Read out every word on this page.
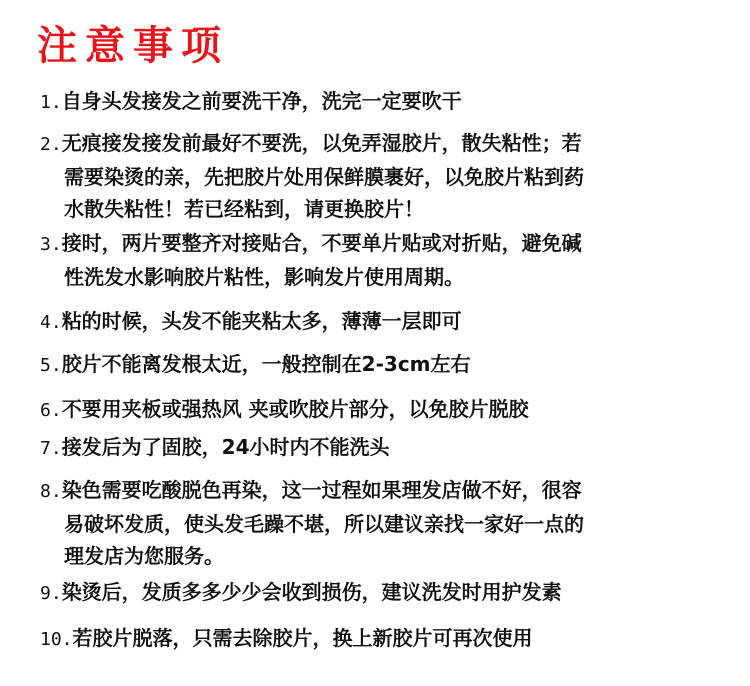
注意事项
1.自身头发接发之前要洗干净，洗完一定要吹干
2.无痕接发接发前最好不要洗，以免弄湿胶片，散失粘性；若
需要染烫的亲，先把胶片处用保鲜膜裹好，以免胶片粘到药
水散失粘性！若已经粘到，请更换胶片！
3.接时，两片要整齐对接贴合，不要单片贴或对折贴，避免碱
性洗发水影响胶片粘性，影响发片使用周期。
4.粘的时候，头发不能夹粘太多，薄薄一层即可
5.胶片不能离发根太近，一般控制在2-3cm左右
6.不要用夹板或强热风 夹或吹胶片部分，以免胶片脱胶
7.接发后为了固胶，24小时内不能洗头
8.染色需要吃酸脱色再染，这一过程如果理发店做不好，很容
易破坏发质，使头发毛躁不堪，所以建议亲找一家好一点的
理发店为您服务。
9.染烫后，发质多多少少会收到损伤，建议洗发时用护发素
10.若胶片脱落，只需去除胶片，换上新胶片可再次使用
